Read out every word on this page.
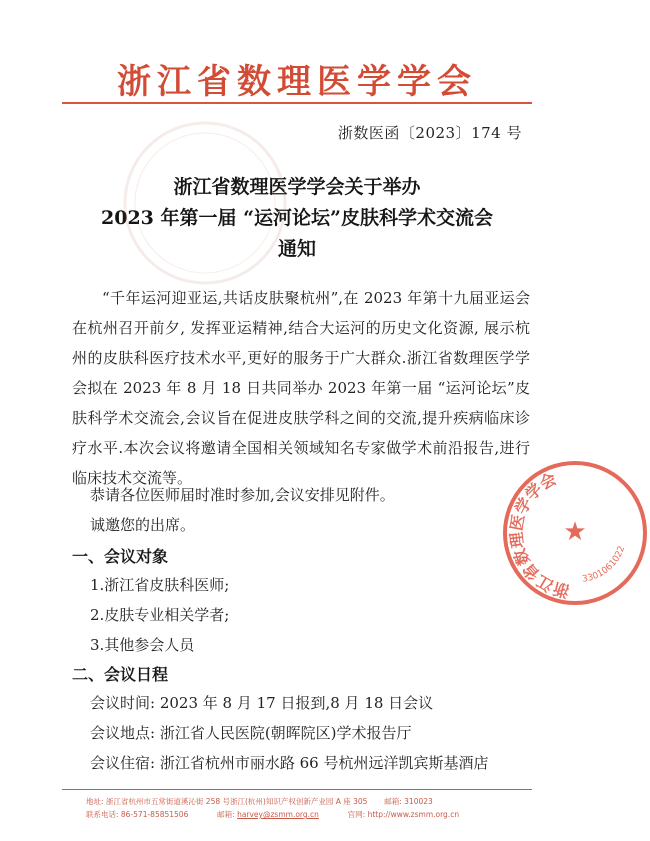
浙江省数理医学学会
浙数医函〔2023〕174 号
浙江省数理医学学会关于举办
2023 年第一届 “运河论坛”皮肤科学术交流会
通知
“千年运河迎亚运,共话皮肤聚杭州”,在 2023 年第十九届亚运会在杭州召开前夕, 发挥亚运精神,结合大运河的历史文化资源, 展示杭州的皮肤科医疗技术水平,更好的服务于广大群众.浙江省数理医学学会拟在 2023 年 8 月 18 日共同举办 2023 年第一届 “运河论坛”皮肤科学术交流会,会议旨在促进皮肤学科之间的交流,提升疾病临床诊疗水平.本次会议将邀请全国相关领域知名专家做学术前沿报告,进行临床技术交流等。
恭请各位医师届时准时参加,会议安排见附件。
诚邀您的出席。
一、会议对象
1.浙江省皮肤科医师;
2.皮肤专业相关学者;
3.其他参会人员
二、会议日程
会议时间: 2023 年 8 月 17 日报到,8 月 18 日会议
会议地点: 浙江省人民医院(朝晖院区)学术报告厅
会议住宿: 浙江省杭州市丽水路 66 号杭州远洋凯宾斯基酒店
地址: 浙江省杭州市五常街道溪沁街 258 号浙江(杭州)知识产权创新产业园 A 座 305 邮箱: 310023
联系电话: 86-571-85851506	邮箱: harvey@zsmm.org.cn	官网: http://www.zsmm.org.cn
浙江省数理医学学会
3301061022
★
